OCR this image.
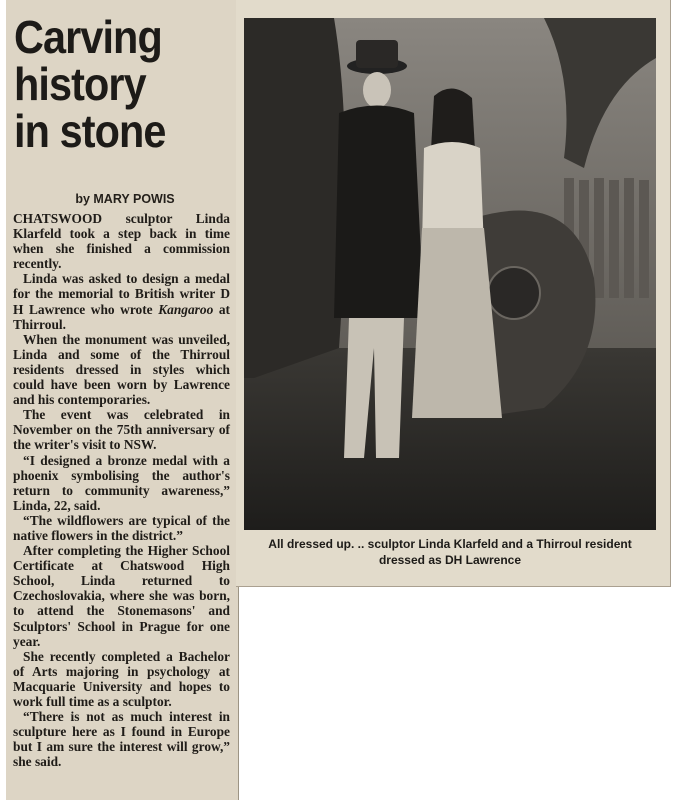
Carving
history
in stone
by MARY POWIS

CHATSWOOD sculptor Linda Klarfeld took a step back in time when she finished a commission recently.

Linda was asked to design a medal for the memorial to British writer D H Lawrence who wrote Kangaroo at Thirroul.

When the monument was unveiled, Linda and some of the Thirroul residents dressed in styles which could have been worn by Lawrence and his contemporaries.

The event was celebrated in November on the 75th anniversary of the writer's visit to NSW.

“I designed a bronze medal with a phoenix symbolising the author's return to community awareness,” Linda, 22, said.

“The wildflowers are typical of the native flowers in the district.”

After completing the Higher School Certificate at Chatswood High School, Linda returned to Czechoslovakia, where she was born, to attend the Stonemasons' and Sculptors' School in Prague for one year.

She recently completed a Bachelor of Arts majoring in psychology at Macquarie University and hopes to work full time as a sculptor.

“There is not as much interest in sculpture here as I found in Europe but I am sure the interest will grow,” she said.

All dressed up. .. sculptor Linda Klarfeld and a Thirroul resident dressed as DH Lawrence
